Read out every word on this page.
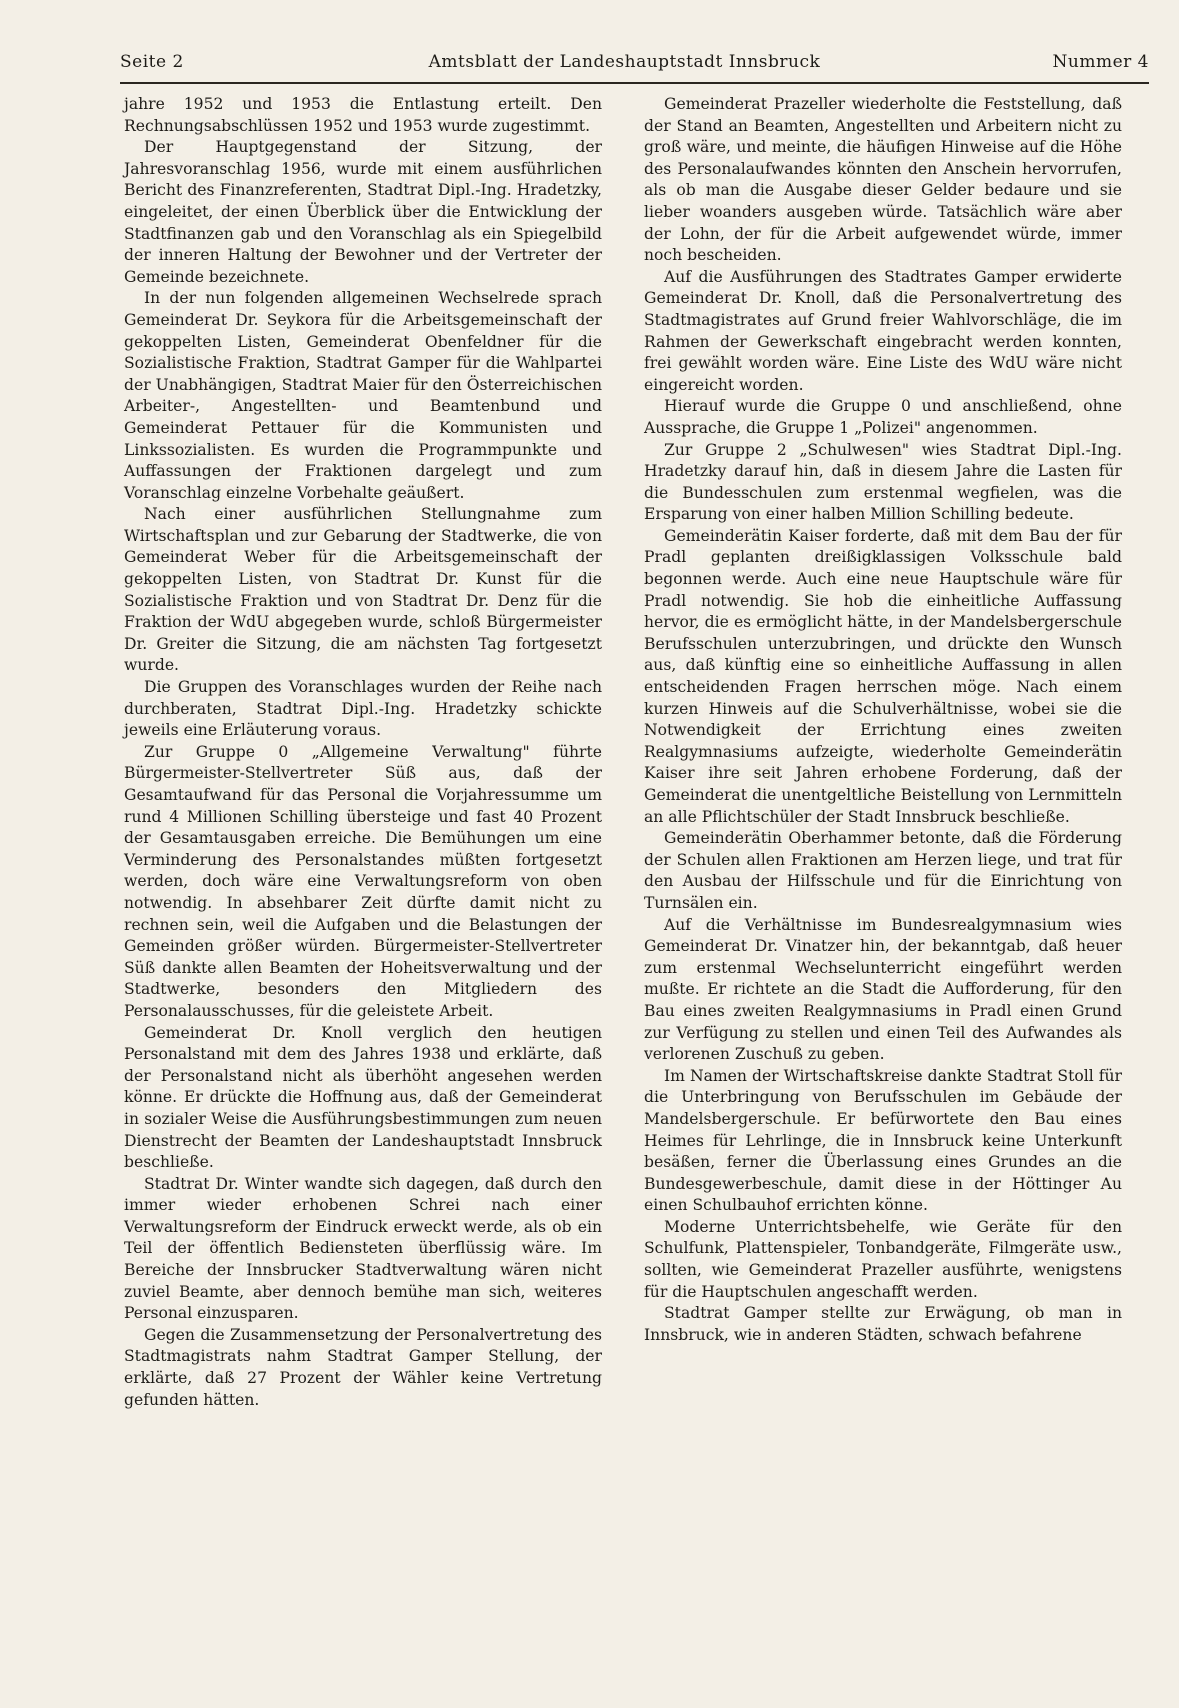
Seite 2	Amtsblatt der Landeshauptstadt Innsbruck	Nummer 4

jahre 1952 und 1953 die Entlastung erteilt. Den Rechnungsabschlüssen 1952 und 1953 wurde zugestimmt.

Der Hauptgegenstand der Sitzung, der Jahresvoranschlag 1956, wurde mit einem ausführlichen Bericht des Finanzreferenten, Stadtrat Dipl.-Ing. Hradetzky, eingeleitet, der einen Überblick über die Entwicklung der Stadtfinanzen gab und den Voranschlag als ein Spiegelbild der inneren Haltung der Bewohner und der Vertreter der Gemeinde bezeichnete.

In der nun folgenden allgemeinen Wechselrede sprach Gemeinderat Dr. Seykora für die Arbeitsgemeinschaft der gekoppelten Listen, Gemeinderat Obenfeldner für die Sozialistische Fraktion, Stadtrat Gamper für die Wahlpartei der Unabhängigen, Stadtrat Maier für den Österreichischen Arbeiter-, Angestellten- und Beamtenbund und Gemeinderat Pettauer für die Kommunisten und Linkssozialisten. Es wurden die Programmpunkte und Auffassungen der Fraktionen dargelegt und zum Voranschlag einzelne Vorbehalte geäußert.

Nach einer ausführlichen Stellungnahme zum Wirtschaftsplan und zur Gebarung der Stadtwerke, die von Gemeinderat Weber für die Arbeitsgemeinschaft der gekoppelten Listen, von Stadtrat Dr. Kunst für die Sozialistische Fraktion und von Stadtrat Dr. Denz für die Fraktion der WdU abgegeben wurde, schloß Bürgermeister Dr. Greiter die Sitzung, die am nächsten Tag fortgesetzt wurde.

Die Gruppen des Voranschlages wurden der Reihe nach durchberaten, Stadtrat Dipl.-Ing. Hradetzky schickte jeweils eine Erläuterung voraus.

Zur Gruppe 0 „Allgemeine Verwaltung" führte Bürgermeister-Stellvertreter Süß aus, daß der Gesamtaufwand für das Personal die Vorjahressumme um rund 4 Millionen Schilling übersteige und fast 40 Prozent der Gesamtausgaben erreiche. Die Bemühungen um eine Verminderung des Personalstandes müßten fortgesetzt werden, doch wäre eine Verwaltungsreform von oben notwendig. In absehbarer Zeit dürfte damit nicht zu rechnen sein, weil die Aufgaben und die Belastungen der Gemeinden größer würden. Bürgermeister-Stellvertreter Süß dankte allen Beamten der Hoheitsverwaltung und der Stadtwerke, besonders den Mitgliedern des Personalausschusses, für die geleistete Arbeit.

Gemeinderat Dr. Knoll verglich den heutigen Personalstand mit dem des Jahres 1938 und erklärte, daß der Personalstand nicht als überhöht angesehen werden könne. Er drückte die Hoffnung aus, daß der Gemeinderat in sozialer Weise die Ausführungsbestimmungen zum neuen Dienstrecht der Beamten der Landeshauptstadt Innsbruck beschließe.

Stadtrat Dr. Winter wandte sich dagegen, daß durch den immer wieder erhobenen Schrei nach einer Verwaltungsreform der Eindruck erweckt werde, als ob ein Teil der öffentlich Bediensteten überflüssig wäre. Im Bereiche der Innsbrucker Stadtverwaltung wären nicht zuviel Beamte, aber dennoch bemühe man sich, weiteres Personal einzusparen.

Gegen die Zusammensetzung der Personalvertretung des Stadtmagistrats nahm Stadtrat Gamper Stellung, der erklärte, daß 27 Prozent der Wähler keine Vertretung gefunden hätten.

Gemeinderat Prazeller wiederholte die Feststellung, daß der Stand an Beamten, Angestellten und Arbeitern nicht zu groß wäre, und meinte, die häufigen Hinweise auf die Höhe des Personalaufwandes könnten den Anschein hervorrufen, als ob man die Ausgabe dieser Gelder bedaure und sie lieber woanders ausgeben würde. Tatsächlich wäre aber der Lohn, der für die Arbeit aufgewendet würde, immer noch bescheiden.

Auf die Ausführungen des Stadtrates Gamper erwiderte Gemeinderat Dr. Knoll, daß die Personalvertretung des Stadtmagistrates auf Grund freier Wahlvorschläge, die im Rahmen der Gewerkschaft eingebracht werden konnten, frei gewählt worden wäre. Eine Liste des WdU wäre nicht eingereicht worden.

Hierauf wurde die Gruppe 0 und anschließend, ohne Aussprache, die Gruppe 1 „Polizei" angenommen.

Zur Gruppe 2 „Schulwesen" wies Stadtrat Dipl.-Ing. Hradetzky darauf hin, daß in diesem Jahre die Lasten für die Bundesschulen zum erstenmal wegfielen, was die Ersparung von einer halben Million Schilling bedeute.

Gemeinderätin Kaiser forderte, daß mit dem Bau der für Pradl geplanten dreißigklassigen Volksschule bald begonnen werde. Auch eine neue Hauptschule wäre für Pradl notwendig. Sie hob die einheitliche Auffassung hervor, die es ermöglicht hätte, in der Mandelsbergerschule Berufsschulen unterzubringen, und drückte den Wunsch aus, daß künftig eine so einheitliche Auffassung in allen entscheidenden Fragen herrschen möge. Nach einem kurzen Hinweis auf die Schulverhältnisse, wobei sie die Notwendigkeit der Errichtung eines zweiten Realgymnasiums aufzeigte, wiederholte Gemeinderätin Kaiser ihre seit Jahren erhobene Forderung, daß der Gemeinderat die unentgeltliche Beistellung von Lernmitteln an alle Pflichtschüler der Stadt Innsbruck beschließe.

Gemeinderätin Oberhammer betonte, daß die Förderung der Schulen allen Fraktionen am Herzen liege, und trat für den Ausbau der Hilfsschule und für die Einrichtung von Turnsälen ein.

Auf die Verhältnisse im Bundesrealgymnasium wies Gemeinderat Dr. Vinatzer hin, der bekanntgab, daß heuer zum erstenmal Wechselunterricht eingeführt werden mußte. Er richtete an die Stadt die Aufforderung, für den Bau eines zweiten Realgymnasiums in Pradl einen Grund zur Verfügung zu stellen und einen Teil des Aufwandes als verlorenen Zuschuß zu geben.

Im Namen der Wirtschaftskreise dankte Stadtrat Stoll für die Unterbringung von Berufsschulen im Gebäude der Mandelsbergerschule. Er befürwortete den Bau eines Heimes für Lehrlinge, die in Innsbruck keine Unterkunft besäßen, ferner die Überlassung eines Grundes an die Bundesgewerbeschule, damit diese in der Höttinger Au einen Schulbauhof errichten könne.

Moderne Unterrichtsbehelfe, wie Geräte für den Schulfunk, Plattenspieler, Tonbandgeräte, Filmgeräte usw., sollten, wie Gemeinderat Prazeller ausführte, wenigstens für die Hauptschulen angeschafft werden.

Stadtrat Gamper stellte zur Erwägung, ob man in Innsbruck, wie in anderen Städten, schwach befahrene
